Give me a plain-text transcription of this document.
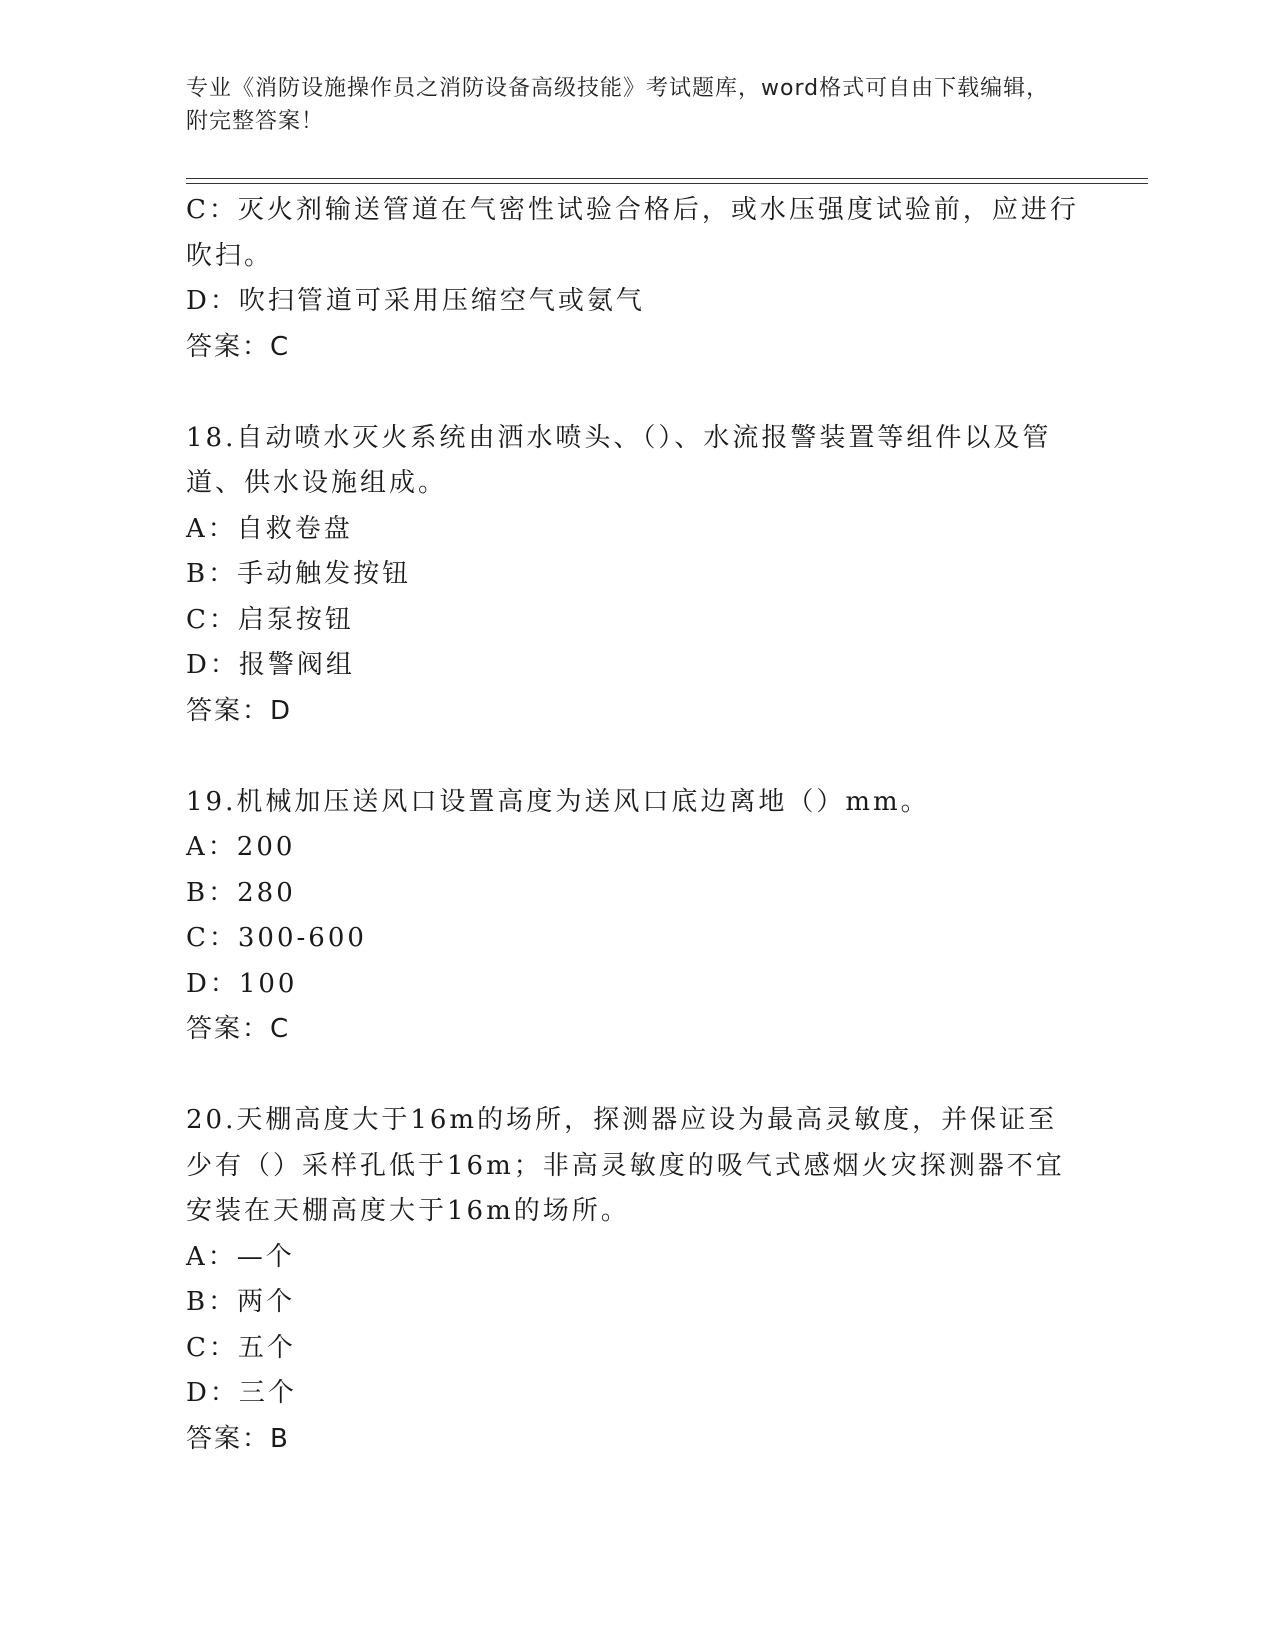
专业《消防设施操作员之消防设备高级技能》考试题库，word格式可自由下载编辑，附完整答案！
C：灭火剂输送管道在气密性试验合格后，或水压强度试验前，应进行吹扫。
D：吹扫管道可采用压缩空气或氨气
答案：C
18.自动喷水灭火系统由洒水喷头、（）、水流报警装置等组件以及管道、供水设施组成。
A：自救卷盘
B：手动触发按钮
C：启泵按钮
D：报警阀组
答案：D
19.机械加压送风口设置高度为送风口底边离地（）mm。
A：200
B：280
C：300-600
D：100
答案：C
20.天棚高度大于16m的场所，探测器应设为最高灵敏度，并保证至少有（）采样孔低于16m；非高灵敏度的吸气式感烟火灾探测器不宜安装在天棚高度大于16m的场所。
A：—个
B：两个
C：五个
D：三个
答案：B
